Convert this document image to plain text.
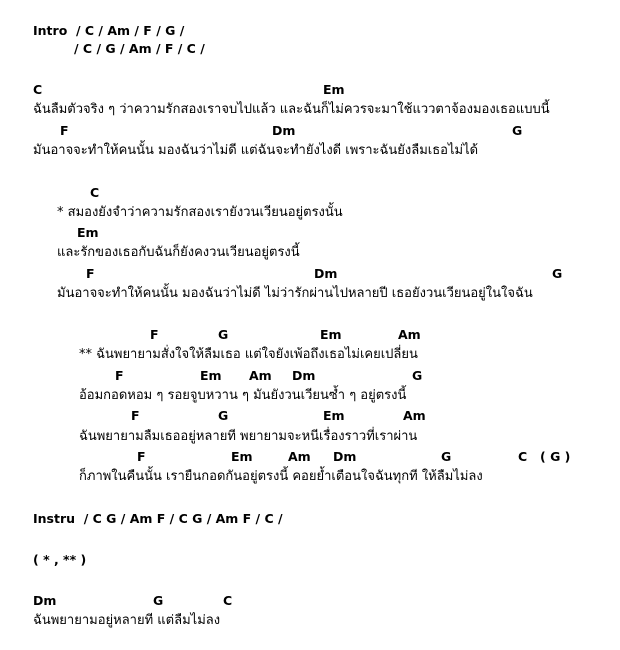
Intro  / C / Am / F / G /
/ C / G / Am / F / C /
C	Em
ฉันลืมตัวจริง ๆ ว่าความรักสองเราจบไปแล้ว และฉันก็ไม่ควรจะมาใช้แววตาจ้องมองเธอแบบนี้
F	Dm	G
มันอาจจะทำให้คนนั้น มองฉันว่าไม่ดี แต่ฉันจะทำยังไงดี เพราะฉันยังลืมเธอไม่ได้
C
* สมองยังจำว่าความรักสองเรายังวนเวียนอยู่ตรงนั้น
Em
และรักของเธอกับฉันก็ยังคงวนเวียนอยู่ตรงนี้
F	Dm	G
มันอาจจะทำให้คนนั้น มองฉันว่าไม่ดี ไม่ว่ารักผ่านไปหลายปี เธอยังวนเวียนอยู่ในใจฉัน
F	G	Em	Am
** ฉันพยายามสั่งใจให้ลืมเธอ แต่ใจยังเพ้อถึงเธอไม่เคยเปลี่ยน
F	Em Am Dm	G
อ้อมกอดหอม ๆ รอยจูบหวาน ๆ มันยังวนเวียนซ้ำ ๆ อยู่ตรงนี้
F	G	Em	Am
ฉันพยายามลืมเธออยู่หลายที พยายามจะหนีเรื่องราวที่เราผ่าน
F	Em	Am Dm	G	C ( G )
ก็ภาพในคืนนั้น เรายืนกอดกันอยู่ตรงนี้ คอยย้ำเตือนใจฉันทุกที ให้ลืมไม่ลง
Instru  / C G / Am F / C G / Am F / C /
( * , ** )
Dm	G	C
ฉันพยายามอยู่หลายที แต่ลืมไม่ลง
